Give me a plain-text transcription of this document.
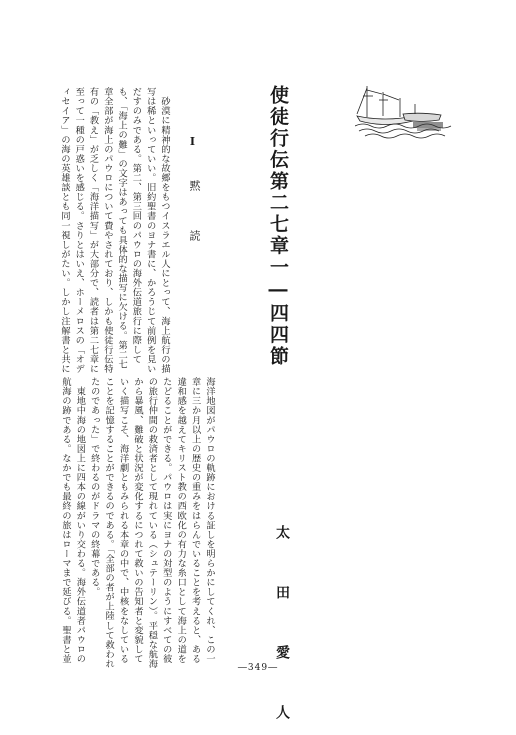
使徒行伝第二七章一―四四節
太　田　愛　人
Ⅰ
黙　読

　砂漠に精神的な故郷をもつイスラエル人にとって、海上航行の描

写は稀といっていい。旧約聖書のヨナ書に、かろうじて前例を見い

だすのみである。第二、第三回のパウロの海外伝道旅行に際して

も、「海上の難」の文字はあっても具体的な描写に欠ける。第二七

章全部が海上のパウロについて費やされており、しかも使徒行伝特

有の「教え」が乏しく「海洋描写」が大部分で、読者は第二七章に

至って一種の戸惑いを感じる。さりとはいえ、ホーメロスの「オデ

ィセイア」の海の英雄談とも同一視しがたい。しかし注解書と共に

海洋地図がパウロの軌跡における証しを明らかにしてくれ、この一

章に三か月以上の歴史の重みをはらんでいることを考えると、ある

違和感を越えてキリスト教の西欧化の有力な糸口として海上の道を

たどることができる。パウロは実にヨナの対型のようにすべての彼

の旅行仲間の救済者として現れている（シュテーリン）。平穏な航海

から暴風、難破と状況が変化するにつれて救いの告知者と変貌して

いく描写こそ、海洋劇ともみられる本章の中で、中核をなしている

ことを記憶することができるのである。「全部の者が上陸して救われ

たのであった」で終わるのがドラマの終幕である。

　東地中海の地図上に四本の線がいり交わる。海外伝道者パウロの

航海の跡である。なかでも最終の旅はローマまで延びる。聖書と並

―349―
